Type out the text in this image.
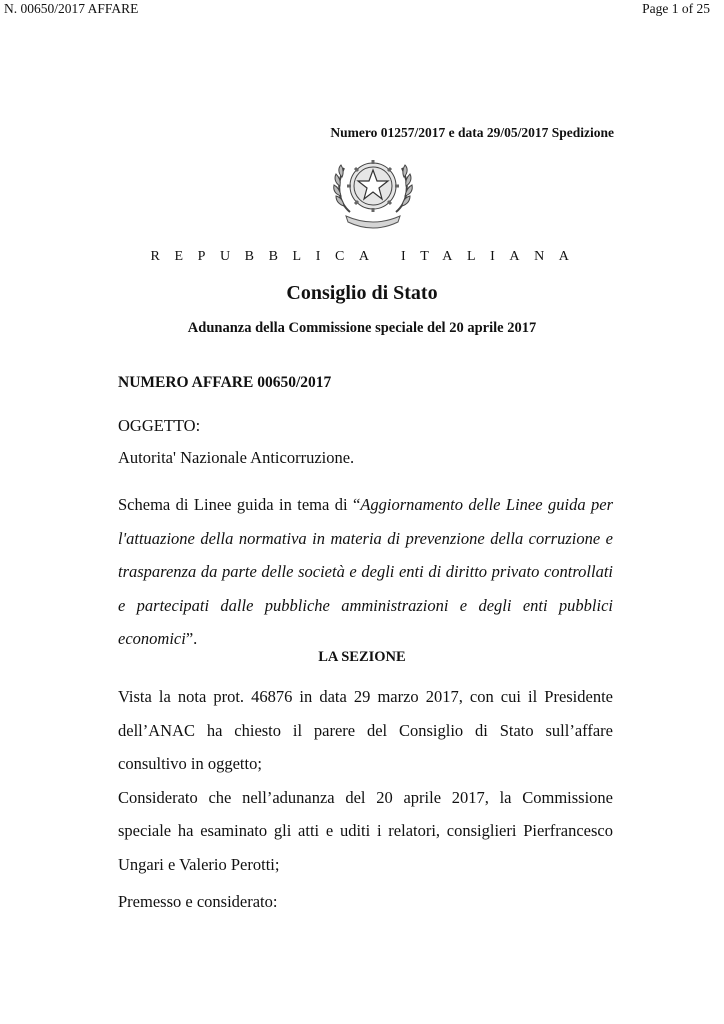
N. 00650/2017 AFFARE	Page 1 of 25
Numero 01257/2017 e data 29/05/2017 Spedizione
REPUBBLICA ITALIANA
Consiglio di Stato
Adunanza della Commissione speciale del 20 aprile 2017
NUMERO AFFARE 00650/2017
OGGETTO:
Autorita' Nazionale Anticorruzione.
Schema di Linee guida in tema di “Aggiornamento delle Linee guida per l'attuazione della normativa in materia di prevenzione della corruzione e trasparenza da parte delle società e degli enti di diritto privato controllati e partecipati dalle pubbliche amministrazioni e degli enti pubblici economici”.
LA SEZIONE

Vista la nota prot. 46876 in data 29 marzo 2017, con cui il Presidente dell’ANAC ha chiesto il parere del Consiglio di Stato sull’affare consultivo in oggetto;

Considerato che nell’adunanza del 20 aprile 2017, la Commissione speciale ha esaminato gli atti e uditi i relatori, consiglieri Pierfrancesco Ungari e Valerio Perotti;

Premesso e considerato:
